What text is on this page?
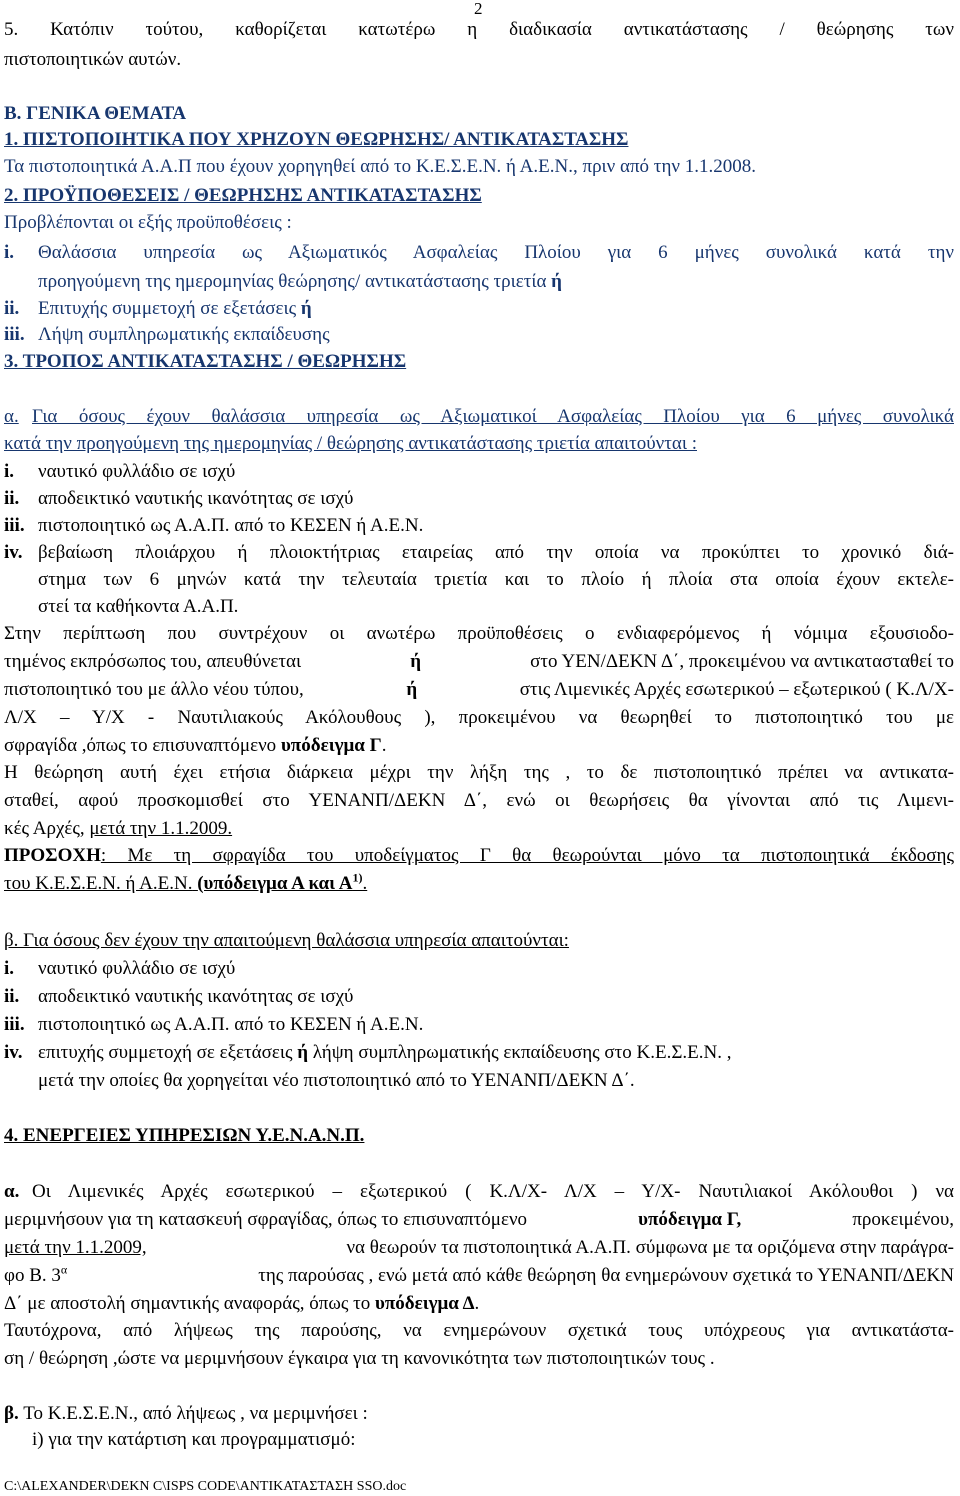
2
5. Κατόπιν τούτου, καθορίζεται κατωτέρω η διαδικασία αντικατάστασης / θεώρησης των
πιστοποιητικών αυτών.
Β. ΓΕΝΙΚΑ ΘΕΜΑΤΑ
1. ΠΙΣΤΟΠΟΙΗΤΙΚΑ ΠΟΥ ΧΡΗΖΟΥΝ ΘΕΩΡΗΣΗΣ/ ΑΝΤΙΚΑΤΑΣΤΑΣΗΣ
Τα πιστοποιητικά Α.Α.Π που έχουν χορηγηθεί από το Κ.Ε.Σ.Ε.Ν. ή Α.Ε.Ν., πριν από την 1.1.2008.
2. ΠΡΟΫΠΟΘΕΣΕΙΣ / ΘΕΩΡΗΣΗΣ ΑΝΤΙΚΑΤΑΣΤΑΣΗΣ
Προβλέπονται οι εξής προϋποθέσεις :
i. Θαλάσσια υπηρεσία ως Αξιωματικός Ασφαλείας Πλοίου για 6 μήνες συνολικά κατά την
προηγούμενη της ημερομηνίας θεώρησης/ αντικατάστασης τριετία ή
ii. Επιτυχής συμμετοχή σε εξετάσεις ή
iii. Λήψη συμπληρωματικής εκπαίδευσης
3. ΤΡΟΠΟΣ ΑΝΤΙΚΑΤΑΣΤΑΣΗΣ / ΘΕΩΡΗΣΗΣ
α. Για όσους έχουν θαλάσσια υπηρεσία ως Αξιωματικοί Ασφαλείας Πλοίου για 6 μήνες συνολικά
κατά την προηγούμενη της ημερομηνίας / θεώρησης αντικατάστασης τριετία απαιτούνται :
i. ναυτικό φυλλάδιο σε ισχύ
ii. αποδεικτικό ναυτικής ικανότητας σε ισχύ
iii. πιστοποιητικό ως Α.Α.Π. από το ΚΕΣΕΝ ή Α.Ε.Ν.
iv. βεβαίωση πλοιάρχου ή πλοιοκτήτριας εταιρείας από την οποία να προκύπτει το χρονικό διά-
στημα των 6 μηνών κατά την τελευταία τριετία και το πλοίο ή πλοία στα οποία έχουν εκτελε-
στεί τα καθήκοντα Α.Α.Π.
Στην περίπτωση που συντρέχουν οι ανωτέρω προϋποθέσεις ο ενδιαφερόμενος ή νόμιμα εξουσιοδο-
τημένος εκπρόσωπος του, απευθύνεται	ή	στο ΥΕΝ/ΔΕΚΝ Δ΄, προκειμένου να αντικατασταθεί το
πιστοποιητικό του με άλλο νέου τύπου,	ή	στις Λιμενικές Αρχές εσωτερικού – εξωτερικού ( Κ.Λ/Χ-
Λ/Χ – Υ/Χ - Ναυτιλιακούς Ακόλουθους ), προκειμένου να θεωρηθεί το πιστοποιητικό του με
σφραγίδα ,όπως το επισυναπτόμενο υπόδειγμα Γ.
Η θεώρηση αυτή έχει ετήσια διάρκεια μέχρι την λήξη της , το δε πιστοποιητικό πρέπει να αντικατα-
σταθεί, αφού προσκομισθεί στο ΥΕΝΑΝΠ/ΔΕΚΝ Δ΄, ενώ οι θεωρήσεις θα γίνονται από τις Λιμενι-
κές Αρχές, μετά την 1.1.2009.
ΠΡΟΣΟΧΗ : Με τη σφραγίδα του υποδείγματος Γ θα θεωρούνται μόνο τα πιστοποιητικά έκδοσης
του Κ.Ε.Σ.Ε.Ν. ή Α.Ε.Ν. (υπόδειγμα Α και $A^{1)}$.
β. Για όσους δεν έχουν την απαιτούμενη θαλάσσια υπηρεσία απαιτούνται:
i. ναυτικό φυλλάδιο σε ισχύ
ii. αποδεικτικό ναυτικής ικανότητας σε ισχύ
iii. πιστοποιητικό ως Α.Α.Π. από το ΚΕΣΕΝ ή Α.Ε.Ν.
iv. επιτυχής συμμετοχή σε εξετάσεις ή λήψη συμπληρωματικής εκπαίδευσης στο Κ.Ε.Σ.Ε.Ν. ,
μετά την οποίες θα χορηγείται νέο πιστοποιητικό από το ΥΕΝΑΝΠ/ΔΕΚΝ Δ΄.
4. ΕΝΕΡΓΕΙΕΣ ΥΠΗΡΕΣΙΩΝ Υ.Ε.Ν.Α.Ν.Π.
α. Οι Λιμενικές Αρχές εσωτερικού – εξωτερικού ( Κ.Λ/Χ- Λ/Χ – Υ/Χ- Ναυτιλιακοί Ακόλουθοι ) να
μεριμνήσουν για τη κατασκευή σφραγίδας, όπως το επισυναπτόμενο	υπόδειγμα Γ,	προκειμένου,
μετά την 1.1.2009,	να θεωρούν τα πιστοποιητικά Α.Α.Π. σύμφωνα με τα οριζόμενα στην παράγρα-
φο Β. $3^\alpha$	της παρούσας , ενώ μετά από κάθε θεώρηση θα ενημερώνουν σχετικά το ΥΕΝΑΝΠ/ΔΕΚΝ
Δ΄ με αποστολή σημαντικής αναφοράς, όπως το υπόδειγμα Δ.
Ταυτόχρονα, από λήψεως της παρούσης, να ενημερώνουν σχετικά τους υπόχρεους για αντικατάστα-
ση / θεώρηση ,ώστε να μεριμνήσουν έγκαιρα για τη κανονικότητα των πιστοποιητικών τους .
β. Το Κ.Ε.Σ.Ε.Ν., από λήψεως , να μεριμνήσει :
i) για την κατάρτιση και προγραμματισμό:
C:\ALEXANDER\DEKN C\ISPS CODE\ΑΝΤΙΚΑΤΑΣΤΑΣΗ SSO.doc
